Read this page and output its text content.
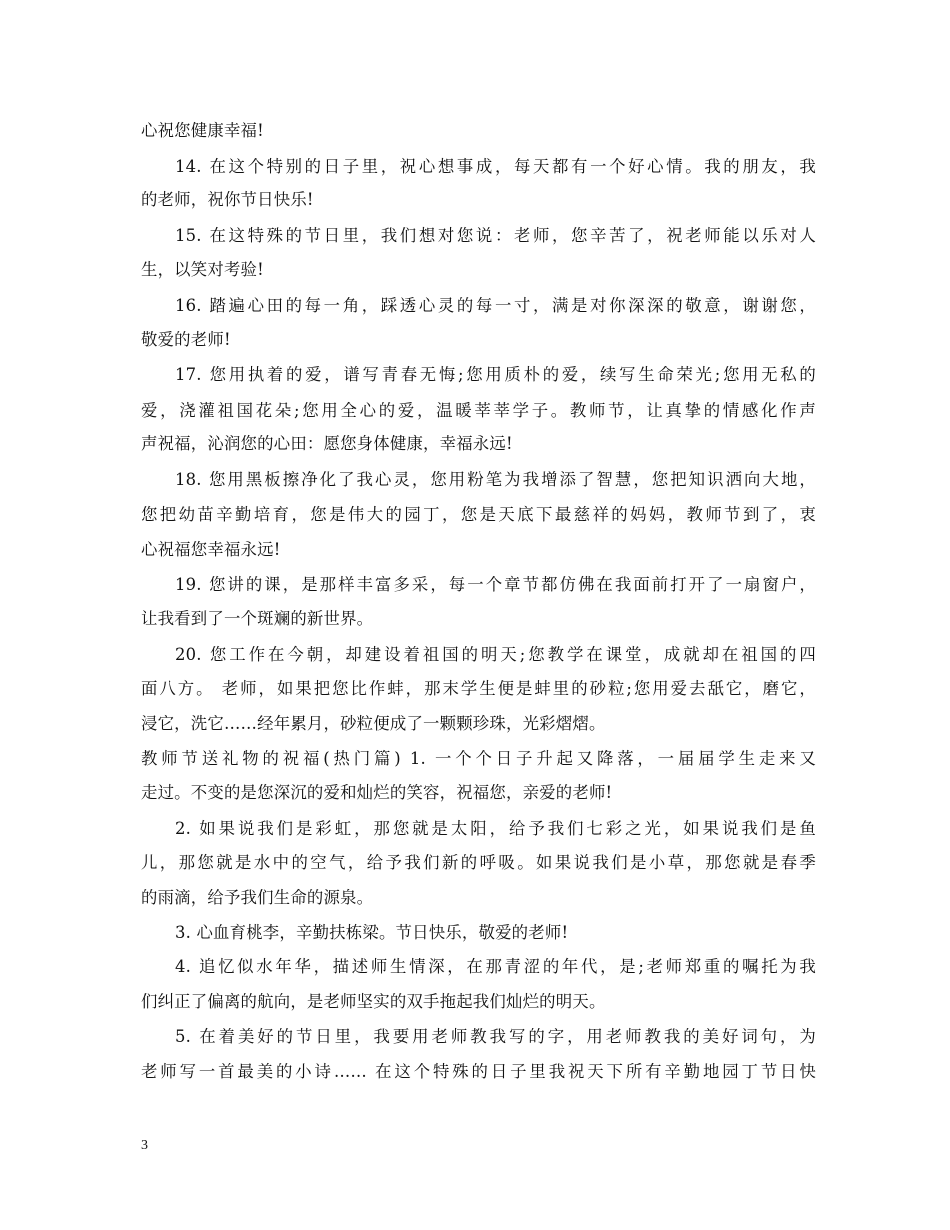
心祝您健康幸福!
14. 在这个特别的日子里，祝心想事成，每天都有一个好心情。我的朋友，我
的老师，祝你节日快乐!
15. 在这特殊的节日里，我们想对您说：老师，您辛苦了，祝老师能以乐对人
生，以笑对考验!
16. 踏遍心田的每一角，踩透心灵的每一寸，满是对你深深的敬意，谢谢您，
敬爱的老师!
17. 您用执着的爱，谱写青春无悔;您用质朴的爱，续写生命荣光;您用无私的
爱，浇灌祖国花朵;您用全心的爱，温暖莘莘学子。教师节，让真挚的情感化作声
声祝福，沁润您的心田：愿您身体健康，幸福永远!
18. 您用黑板擦净化了我心灵，您用粉笔为我增添了智慧，您把知识洒向大地，
您把幼苗辛勤培育，您是伟大的园丁，您是天底下最慈祥的妈妈，教师节到了，衷
心祝福您幸福永远!
19. 您讲的课，是那样丰富多采，每一个章节都仿佛在我面前打开了一扇窗户，
让我看到了一个斑斓的新世界。
20. 您工作在今朝，却建设着祖国的明天;您教学在课堂，成就却在祖国的四
面八方。 老师，如果把您比作蚌，那末学生便是蚌里的砂粒;您用爱去舐它，磨它，
浸它，洗它……经年累月，砂粒便成了一颗颗珍珠，光彩熠熠。
教师节送礼物的祝福(热门篇) 1. 一个个日子升起又降落，一届届学生走来又
走过。不变的是您深沉的爱和灿烂的笑容，祝福您，亲爱的老师!
2. 如果说我们是彩虹，那您就是太阳，给予我们七彩之光，如果说我们是鱼
儿，那您就是水中的空气，给予我们新的呼吸。如果说我们是小草，那您就是春季
的雨滴，给予我们生命的源泉。
3. 心血育桃李，辛勤扶栋梁。节日快乐，敬爱的老师!
4. 追忆似水年华，描述师生情深，在那青涩的年代，是;老师郑重的嘱托为我
们纠正了偏离的航向，是老师坚实的双手拖起我们灿烂的明天。
5. 在着美好的节日里，我要用老师教我写的字，用老师教我的美好词句，为
老师写一首最美的小诗…… 在这个特殊的日子里我祝天下所有辛勤地园丁节日快
3
